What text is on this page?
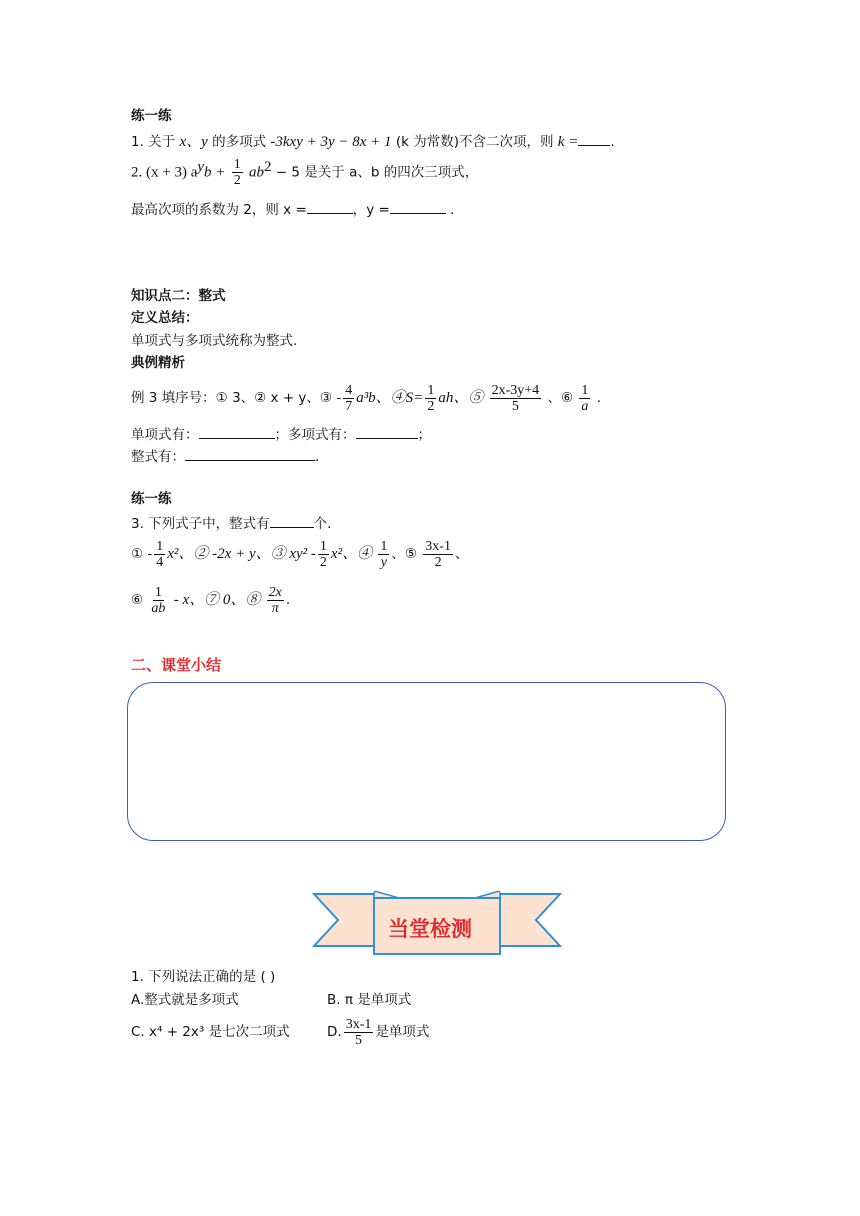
练一练
1. 关于 x、y 的多项式 -3kxy + 3y − 8x + 1 (k 为常数)不含二次项，则 k = .
2. (x + 3) $a^yb + \frac{1}{2} ab^2 - 5$ 是关于 a、b 的四次三项式，
最高次项的系数为 2，则 x =	，y =	.
知识点二：整式
定义总结：
单项式与多项式统称为整式.
典例精析
例 3 填序号：① 3、② x + y、③ - $\frac{4}{7} a^3b$、④S= $\frac{1}{2}$ ah、⑤ $\frac{2x-3y+4}{5}$ 、⑥ $\frac{1}{a}$ .
单项式有：	；多项式有：	；
整式有：	.
练一练
3. 下列式子中，整式有	个.
① - $\frac{1}{4} x^2$、② -2x + y、③ $xy^2 - \frac{1}{2} x^2$、④ $\frac{1}{y}$ 、⑤ $\frac{3x-1}{2}$ 、
⑥ $\frac{1}{ab}$ - x、⑦ 0、⑧ $\frac{2x}{\pi}$ .
二、课堂小结
当堂检测
1. 下列说法正确的是 ( )
A.整式就是多项式	B. π 是单项式
C. x⁴ + 2x³ 是七次二项式	D. $\frac{3x-1}{5}$ 是单项式
